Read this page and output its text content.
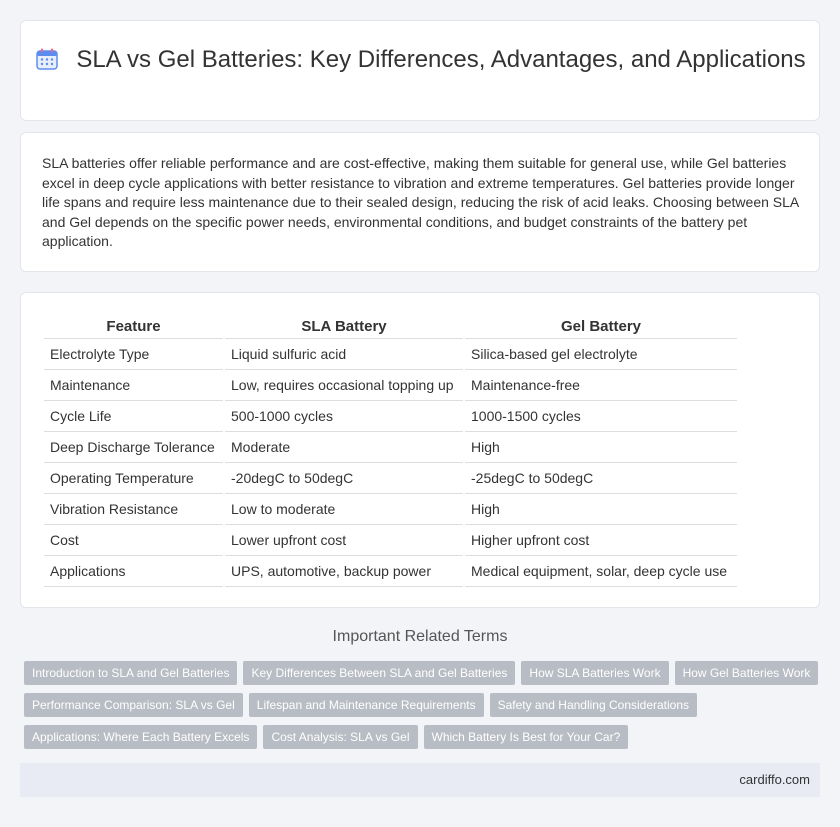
SLA vs Gel Batteries: Key Differences, Advantages, and Applications

SLA batteries offer reliable performance and are cost-effective, making them suitable for general use, while Gel batteries excel in deep cycle applications with better resistance to vibration and extreme temperatures. Gel batteries provide longer life spans and require less maintenance due to their sealed design, reducing the risk of acid leaks. Choosing between SLA and Gel depends on the specific power needs, environmental conditions, and budget constraints of the battery pet application.

Feature	SLA Battery	Gel Battery
Electrolyte Type	Liquid sulfuric acid	Silica-based gel electrolyte
Maintenance	Low, requires occasional topping up	Maintenance-free
Cycle Life	500-1000 cycles	1000-1500 cycles
Deep Discharge Tolerance	Moderate	High
Operating Temperature	-20degC to 50degC	-25degC to 50degC
Vibration Resistance	Low to moderate	High
Cost	Lower upfront cost	Higher upfront cost
Applications	UPS, automotive, backup power	Medical equipment, solar, deep cycle use
Important Related Terms
Introduction to SLA and Gel Batteries Key Differences Between SLA and Gel Batteries How SLA Batteries Work How Gel Batteries Work
Performance Comparison: SLA vs Gel Lifespan and Maintenance Requirements Safety and Handling Considerations
Applications: Where Each Battery Excels Cost Analysis: SLA vs Gel Which Battery Is Best for Your Car?
cardiffo.com
